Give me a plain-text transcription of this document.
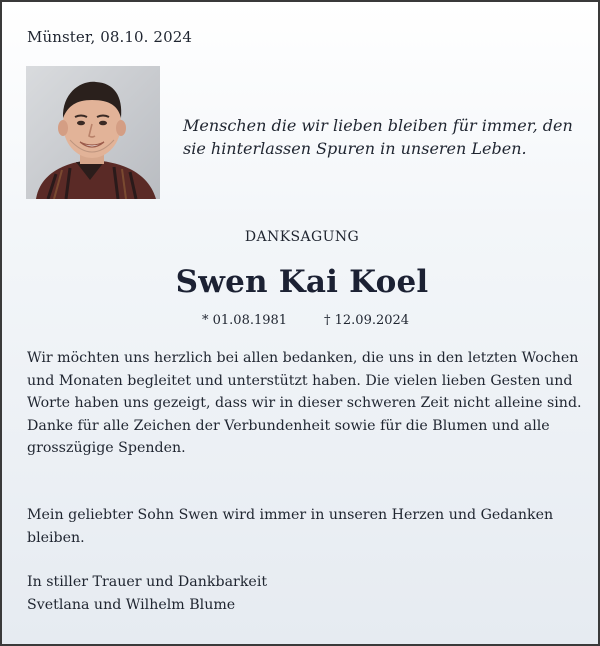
Münster, 08.10. 2024
Menschen die wir lieben bleiben für immer, den sie hinterlassen Spuren in unseren Leben.
DANKSAGUNG
Swen Kai Koel
* 01.08.1981	† 12.09.2024

Wir möchten uns herzlich bei allen bedanken, die uns in den letzten Wochen und Monaten begleitet und unterstützt haben. Die vielen lieben Gesten und Worte haben uns gezeigt, dass wir in dieser schweren Zeit nicht alleine sind.

Danke für alle Zeichen der Verbundenheit sowie für die Blumen und alle grosszügige Spenden.

Mein geliebter Sohn Swen wird immer in unseren Herzen und Gedanken bleiben.
In stiller Trauer und Dankbarkeit
Svetlana und Wilhelm Blume
